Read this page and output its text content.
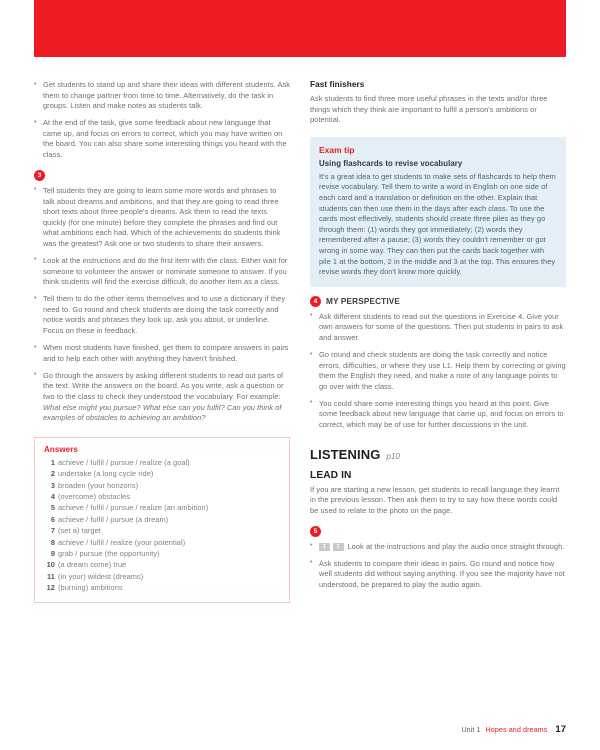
• Get students to stand up and share their ideas with different students. Ask them to change partner from time to time. Alternatively, do the task in groups. Listen and make notes as students talk.
• At the end of the task, give some feedback about new language that came up, and focus on errors to correct, which you may have written on the board. You can also share some interesting things you heard with the class.
3
• Tell students they are going to learn some more words and phrases to talk about dreams and ambitions, and that they are going to read three short texts about three people's dreams. Ask them to read the texts quickly (for one minute) before they complete the phrases and find out what ambitions each had. Which of the achievements do students think was the greatest? Ask one or two students to share their answers.
• Look at the instructions and do the first item with the class. Either wait for someone to volunteer the answer or nominate someone to answer. If you think students will find the exercise difficult, do another item as a class.
• Tell them to do the other items themselves and to use a dictionary if they need to. Go round and check students are doing the task correctly and notice words and phrases they look up, ask you about, or underline. Focus on these in feedback.
• When most students have finished, get them to compare answers in pairs and to help each other with anything they haven't finished.
• Go through the answers by asking different students to read out parts of the text. Write the answers on the board. As you write, ask a question or two to the class to check they understood the vocabulary. For example: What else might you pursue? What else can you fulfil? Can you think of examples of obstacles to achieving an ambition?

Answers

1 achieve / fulfil / pursue / realize (a goal)
2 undertake (a long cycle ride)
3 broaden (your horizons)
4 (overcome) obstacles
5 achieve / fulfil / pursue / realize (an ambition)
6 achieve / fulfil / pursue (a dream)
7 (set a) target
8 achieve / fulfil / realize (your potential)
9 grab / pursue (the opportunity)
10 (a dream come) true
11 (in your) wildest (dreams)
12 (burning) ambitions
Fast finishers

Ask students to find three more useful phrases in the texts and/or three things which they think are important to fulfil a person's ambitions or potential.

Exam tip

Using flashcards to revise vocabulary

It's a great idea to get students to make sets of flashcards to help them revise vocabulary. Tell them to write a word in English on one side of each card and a translation or definition on the other. Explain that students can then use them in the days after each class. To use the cards most effectively, students should create three piles as they go through them: (1) words they got immediately; (2) words they remembered after a pause; (3) words they couldn't remember or got wrong in some way. They can then put the cards back together with pile 1 at the bottom, 2 in the middle and 3 at the top. This ensures they revise words they don't know more quickly.

4	MY PERSPECTIVE
• Ask different students to read out the questions in Exercise 4. Give your own answers for some of the questions. Then put students in pairs to ask and answer.
• Go round and check students are doing the task correctly and notice errors, difficulties, or where they use L1. Help them by correcting or giving them the English they need, and make a note of any language points to go over with the class.
• You could share some interesting things you heard at this point. Give some feedback about new language that came up, and focus on errors to correct, which may be of use for further discussions in the unit.
LISTENING p10
LEAD IN

If you are starting a new lesson, get students to recall language they learnt in the previous lesson. Then ask them to try to say how these words could be used to relate to the photo on the page.

5
• 1	1	Look at the instructions and play the audio once straight through.
• Ask students to compare their ideas in pairs. Go round and notice how well students did without saying anything. If you see the majority have not understood, be prepared to play the audio again.
Unit 1 Hopes and dreams 17
